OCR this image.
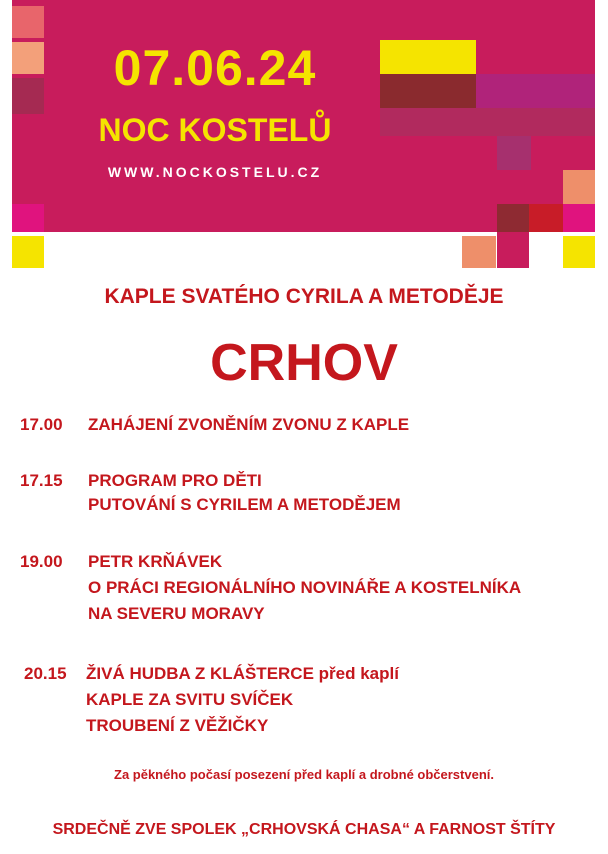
07.06.24
NOC KOSTELŮ
WWW.NOCKOSTELU.CZ
KAPLE SVATÉHO CYRILA A METODĚJE
CRHOV
17.00 ZAHÁJENÍ ZVONĚNÍM ZVONU Z KAPLE
17.15 PROGRAM PRO DĚTI
PUTOVÁNÍ S CYRILEM A METODĚJEM
19.00 PETR KRŇÁVEK
O PRÁCI REGIONÁLNÍHO NOVINÁŘE A KOSTELNÍKA
NA SEVERU MORAVY
20.15 ŽIVÁ HUDBA Z KLÁŠTERCE před kaplí
KAPLE ZA SVITU SVÍČEK
TROUBENÍ Z VĚŽIČKY
Za pěkného počasí posezení před kaplí a drobné občerstvení.
SRDEČNĚ ZVE SPOLEK „CRHOVSKÁ CHASA“ A FARNOST ŠTÍTY
